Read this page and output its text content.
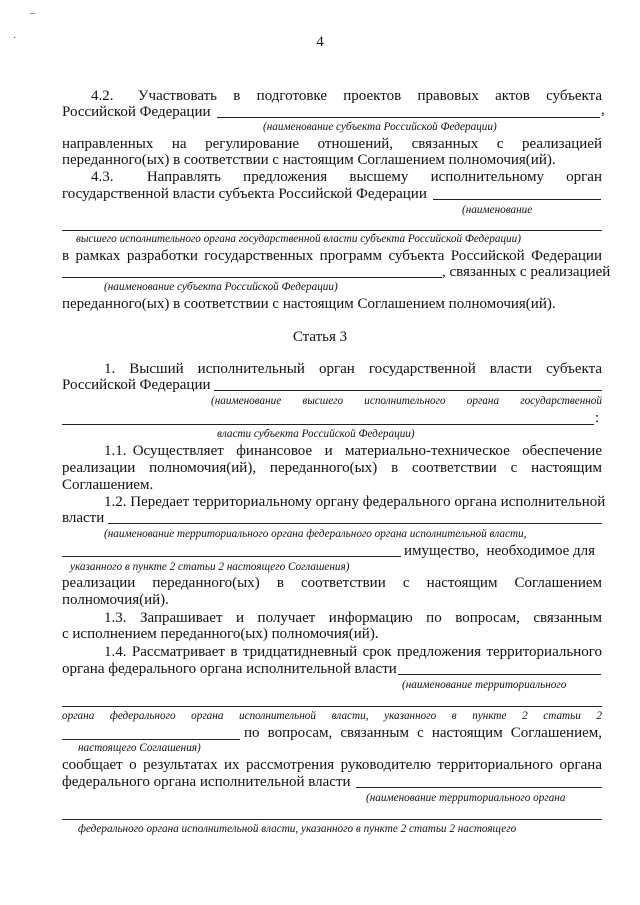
·
–
4
4.2.   Участвовать  в  подготовке  проектов  правовых  актов  субъекта
Российской Федерации	,
(наименование субъекта Российской Федерации)
направленных на регулирование отношений, связанных с реализацией
переданного(ых) в соответствии с настоящим Соглашением полномочия(ий).
4.3.   Направлять  предложения  высшему  исполнительному  орган
государственной власти субъекта Российской Федерации
(наименование
высшего исполнительного органа государственной власти субъекта Российской Федерации)
в рамках разработки государственных программ субъекта Российской Федерации
, связанных с реализацией
(наименование субъекта Российской Федерации)
переданного(ых) в соответствии с настоящим Соглашением полномочия(ий).
Статья 3
1.  Высший  исполнительный  орган  государственной  власти  субъекта
Российской Федерации
(наименование  высшего  исполнительного  органа  государственной
:
власти субъекта Российской Федерации)
1.1. Осуществляет  финансовое  и  материально-техническое  обеспечение
реализации полномочия(ий), переданного(ых) в соответствии с настоящим
Соглашением.
1.2. Передает территориальному органу федерального органа исполнительной
власти
(наименование территориального органа федерального органа исполнительной власти,
имущество,  необходимое для
указанного в пункте 2 статьи 2 настоящего Соглашения)
реализации переданного(ых) в соответствии с настоящим Соглашением
полномочия(ий).
1.3.  Запрашивает  и  получает  информацию  по  вопросам,  связанным
с исполнением переданного(ых) полномочия(ий).
1.4. Рассматривает в тридцатидневный срок предложения территориального
органа федерального органа исполнительной власти
(наименование территориального
органа федерального органа исполнительной власти, указанного в пункте 2 статьи 2
по вопросам, связанным с настоящим Соглашением,
настоящего Соглашения)
сообщает о результатах их рассмотрения руководителю территориального органа
федерального органа исполнительной власти
(наименование территориального органа
федерального органа исполнительной власти, указанного в пункте 2 статьи 2 настоящего
